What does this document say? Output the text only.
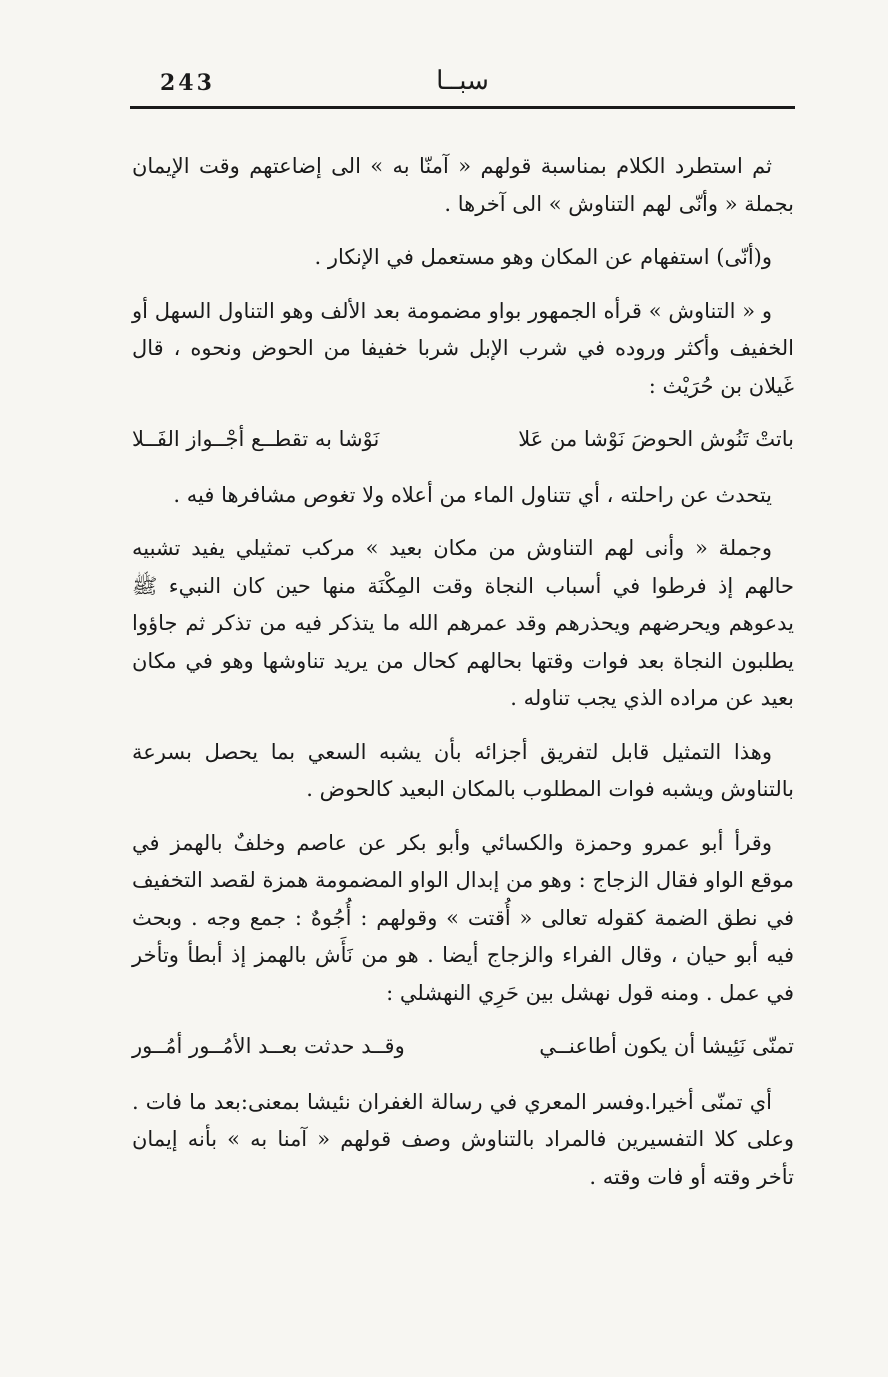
243	سبــا

ثم استطرد الكلام بمناسبة قولهم « آمنّا به » الى إضاعتهم وقت الإيمان بجملة « وأنّى لهم التناوش » الى آخرها .

و(أنّى) استفهام عن المكان وهو مستعمل في الإنكار .

و « التناوش » قرأه الجمهور بواو مضمومة بعد الألف وهو التناول السهل أو الخفيف وأكثر وروده في شرب الإبل شربا خفيفا من الحوض ونحوه ، قال غَيلان بن حُرَيْث :

باتتْ تَنُوش الحوضَ نَوْشا من عَلا
نَوْشا به تقطــع أجْــواز الفَــلا

يتحدث عن راحلته ، أي تتناول الماء من أعلاه ولا تغوص مشافرها فيه .

وجملة « وأنى لهم التناوش من مكان بعيد » مركب تمثيلي يفيد تشبيه حالهم إذ فرطوا في أسباب النجاة وقت المِكْنَة منها حين كان النبيء ﷺ يدعوهم ويحرضهم ويحذرهم وقد عمرهم الله ما يتذكر فيه من تذكر ثم جاؤوا يطلبون النجاة بعد فوات وقتها بحالهم كحال من يريد تناوشها وهو في مكان بعيد عن مراده الذي يجب تناوله .

وهذا التمثيل قابل لتفريق أجزائه بأن يشبه السعي بما يحصل بسرعة بالتناوش ويشبه فوات المطلوب بالمكان البعيد كالحوض .

وقرأ أبو عمرو وحمزة والكسائي وأبو بكر عن عاصم وخلفٌ بالهمز في موقع الواو فقال الزجاج : وهو من إبدال الواو المضمومة همزة لقصد التخفيف في نطق الضمة كقوله تعالى « أُقتت » وقولهم : أُجُوهٌ : جمع وجه . وبحث فيه أبو حيان ، وقال الفراء والزجاج أيضا . هو من نَأَش بالهمز إذ أبطأ وتأخر في عمل . ومنه قول نهشل بين حَرِي النهشلي :

تمنّى نَئِيشا أن يكون أطاعنــي
وقــد حدثت بعــد الأمُــور أمُــور

أي تمنّى أخيرا.وفسر المعري في رسالة الغفران نئيشا بمعنى:بعد ما فات . وعلى كلا التفسيرين فالمراد بالتناوش وصف قولهم « آمنا به » بأنه إيمان تأخر وقته أو فات وقته .
